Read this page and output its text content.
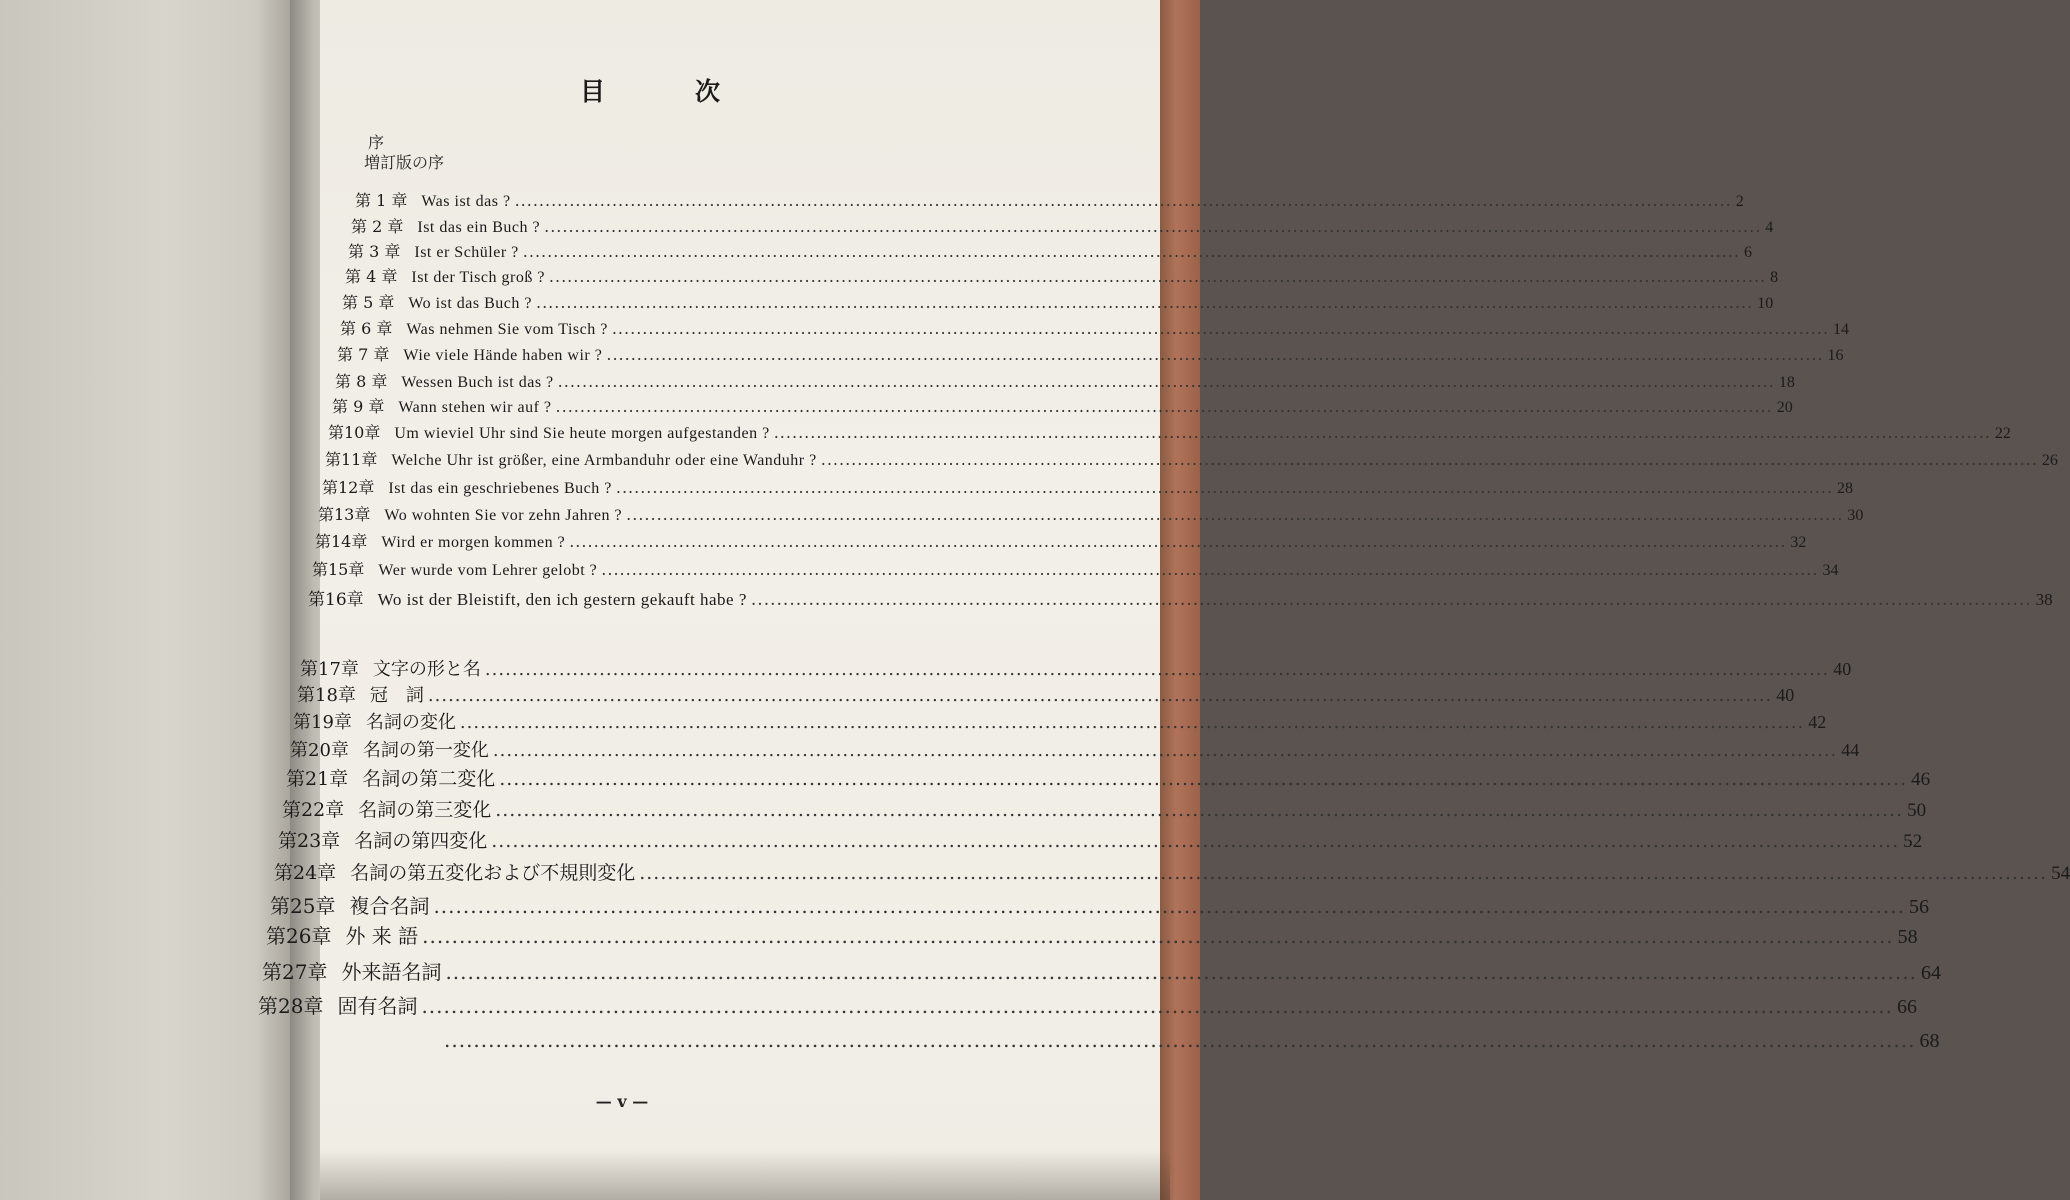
目	次
序
増訂版の序
第 1 章 Was ist das ? ........................................................................................................................................................................................................ 2
第 2 章 Ist das ein Buch ? ........................................................................................................................................................................................................ 4
第 3 章 Ist er Schüler ? ........................................................................................................................................................................................................ 6
第 4 章 Ist der Tisch groß ? ........................................................................................................................................................................................................ 8
第 5 章 Wo ist das Buch ? ........................................................................................................................................................................................................ 10
第 6 章 Was nehmen Sie vom Tisch ? ........................................................................................................................................................................................................ 14
第 7 章 Wie viele Hände haben wir ? ........................................................................................................................................................................................................ 16
第 8 章 Wessen Buch ist das ? ........................................................................................................................................................................................................ 18
第 9 章 Wann stehen wir auf ? ........................................................................................................................................................................................................ 20
第10章 Um wieviel Uhr sind Sie heute morgen aufgestanden ? ........................................................................................................................................................................................................ 22
第11章 Welche Uhr ist größer, eine Armbanduhr oder eine Wanduhr ? ........................................................................................................................................................................................................ 26
第12章 Ist das ein geschriebenes Buch ? ........................................................................................................................................................................................................ 28
第13章 Wo wohnten Sie vor zehn Jahren ? ........................................................................................................................................................................................................ 30
第14章 Wird er morgen kommen ? ........................................................................................................................................................................................................ 32
第15章 Wer wurde vom Lehrer gelobt ? ........................................................................................................................................................................................................ 34
第16章 Wo ist der Bleistift, den ich gestern gekauft habe ? ........................................................................................................................................................................................................ 38
第17章 文字の形と名 ........................................................................................................................................................................................................ 40
第18章 冠　詞 ........................................................................................................................................................................................................ 40
第19章 名詞の変化 ........................................................................................................................................................................................................ 42
第20章 名詞の第一変化 ........................................................................................................................................................................................................ 44
第21章 名詞の第二変化 ........................................................................................................................................................................................................ 46
第22章 名詞の第三変化 ........................................................................................................................................................................................................ 50
第23章 名詞の第四変化 ........................................................................................................................................................................................................ 52
第24章 名詞の第五変化および不規則変化 ........................................................................................................................................................................................................ 54
第25章 複合名詞 ........................................................................................................................................................................................................ 56
第26章 外 来 語 ........................................................................................................................................................................................................ 58
第27章 外来語名詞 ........................................................................................................................................................................................................ 64
第28章 固有名詞 ........................................................................................................................................................................................................ 66
........................................................................................................................................................................................................ 68
— v —
